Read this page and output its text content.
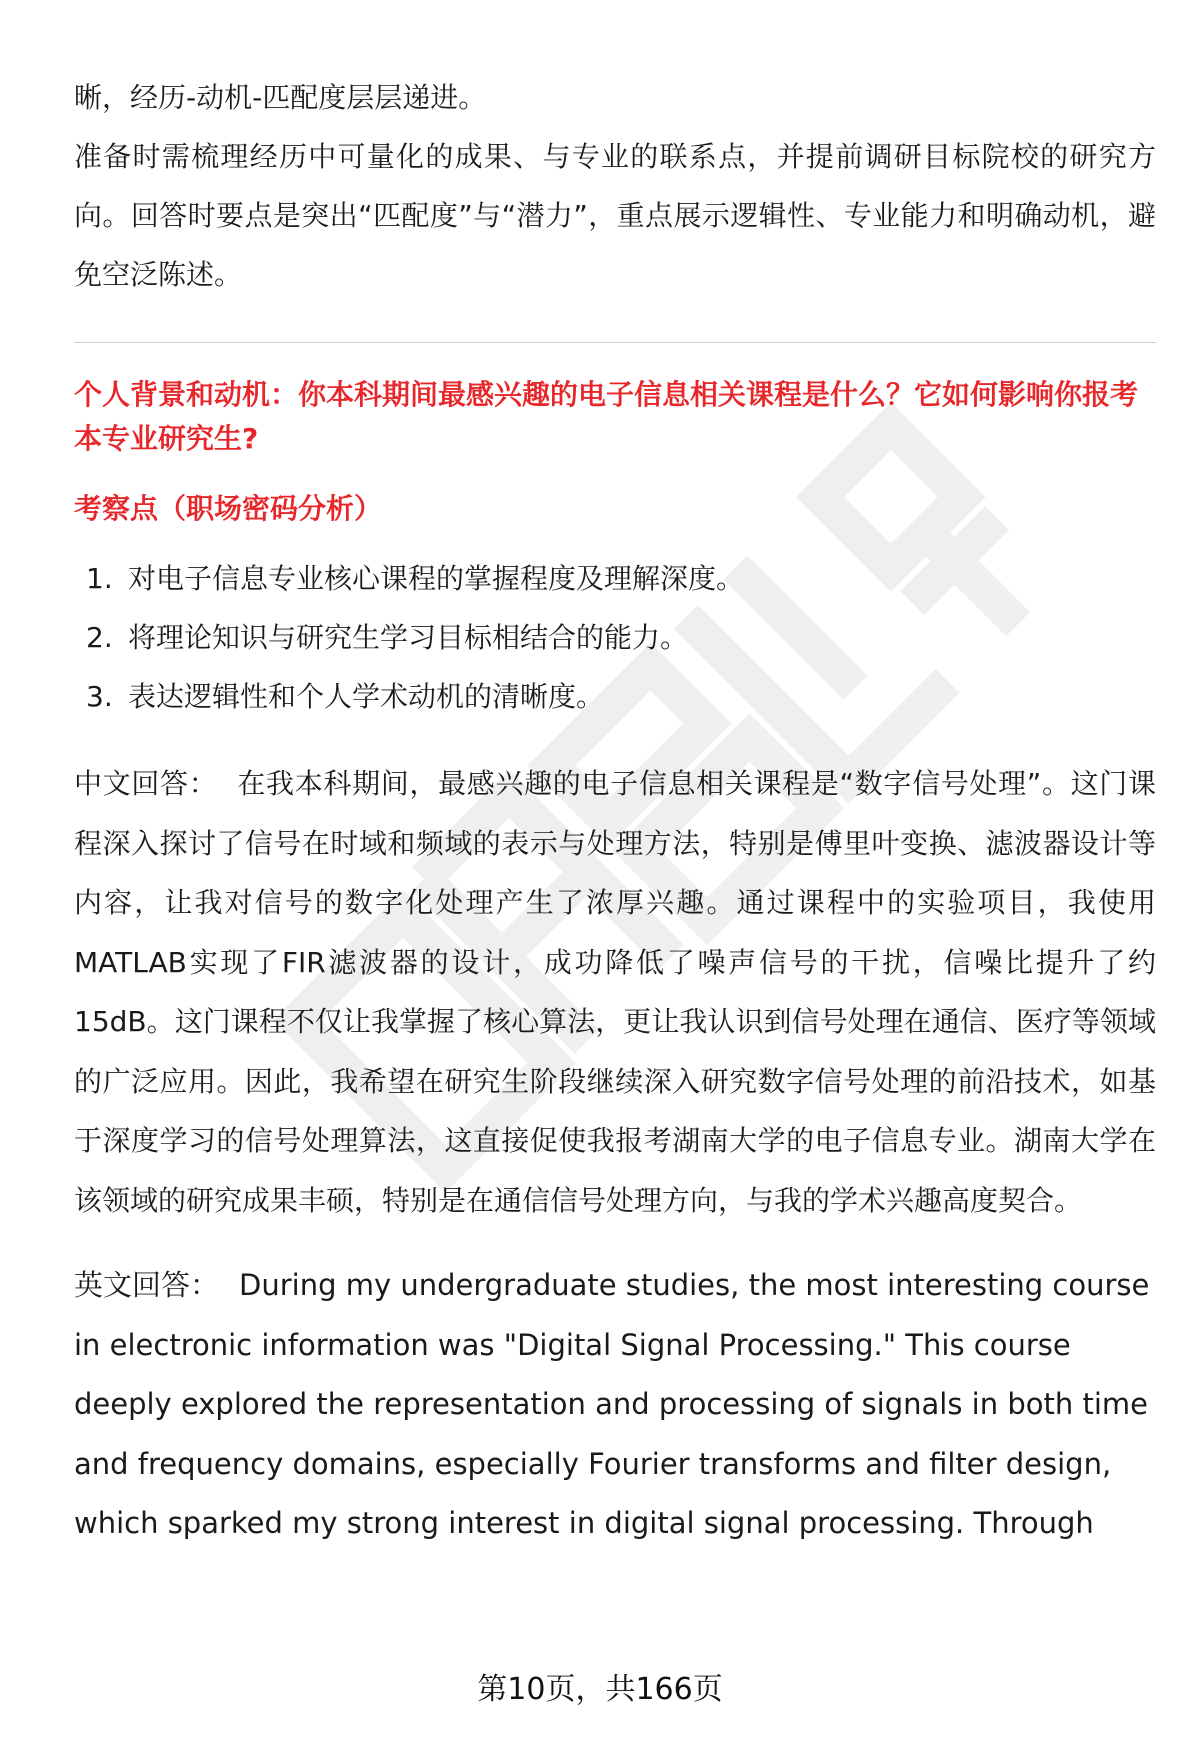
晰，经历-动机-匹配度层层递进。

准备时需梳理经历中可量化的成果、与专业的联系点，并提前调研目标院校的研究方向。回答时要点是突出“匹配度”与“潜力”，重点展示逻辑性、专业能力和明确动机，避免空泛陈述。

个人背景和动机：你本科期间最感兴趣的电子信息相关课程是什么？它如何影响你报考本专业研究生?

考察点（职场密码分析）

1. 对电子信息专业核心课程的掌握程度及理解深度。
2. 将理论知识与研究生学习目标相结合的能力。
3. 表达逻辑性和个人学术动机的清晰度。

中文回答： 在我本科期间，最感兴趣的电子信息相关课程是“数字信号处理”。这门课程深入探讨了信号在时域和频域的表示与处理方法，特别是傅里叶变换、滤波器设计等内容，让我对信号的数字化处理产生了浓厚兴趣。通过课程中的实验项目，我使用MATLAB实现了FIR滤波器的设计，成功降低了噪声信号的干扰，信噪比提升了约15dB。这门课程不仅让我掌握了核心算法，更让我认识到信号处理在通信、医疗等领域的广泛应用。因此，我希望在研究生阶段继续深入研究数字信号处理的前沿技术，如基于深度学习的信号处理算法，这直接促使我报考湖南大学的电子信息专业。湖南大学在该领域的研究成果丰硕，特别是在通信信号处理方向，与我的学术兴趣高度契合。

英文回答： During my undergraduate studies, the most interesting course in electronic information was "Digital Signal Processing." This course deeply explored the representation and processing of signals in both time and frequency domains, especially Fourier transforms and filter design, which sparked my strong interest in digital signal processing. Through

第10页，共166页
